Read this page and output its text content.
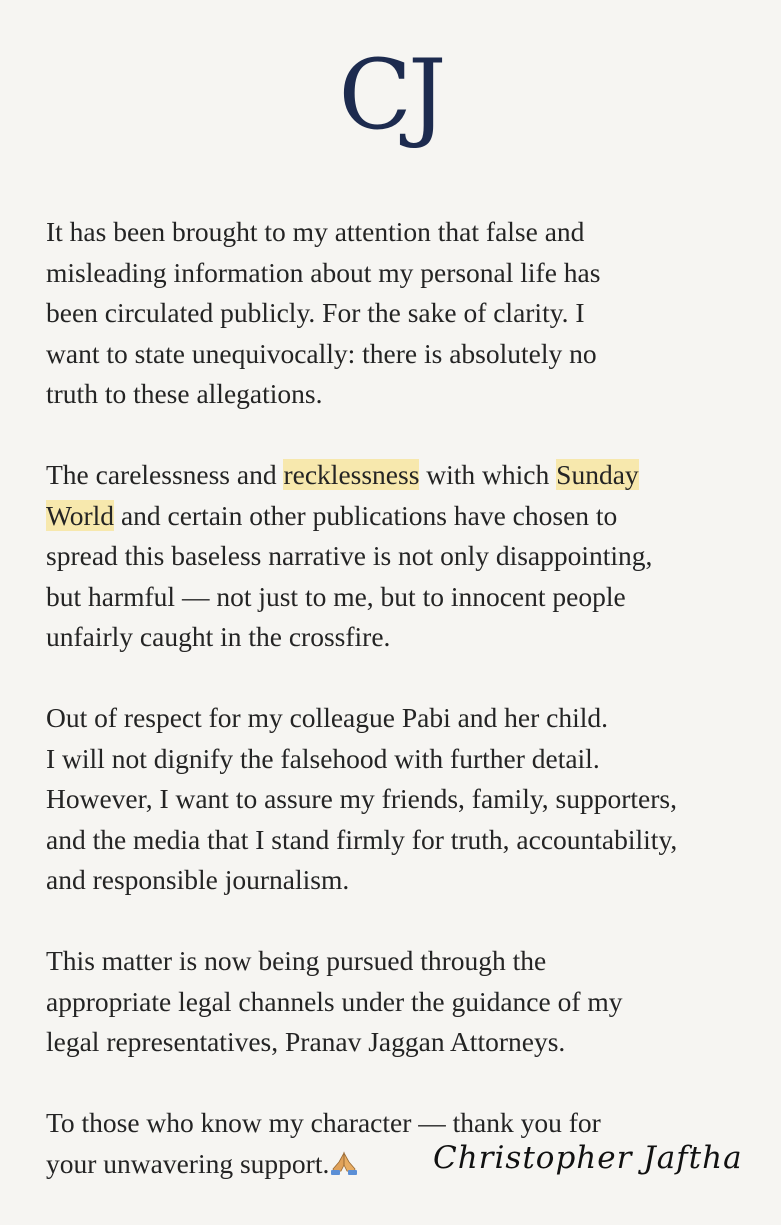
CJ

It has been brought to my attention that false and
misleading information about my personal life has
been circulated publicly. For the sake of clarity. I
want to state unequivocally: there is absolutely no
truth to these allegations.

The carelessness and recklessness with which Sunday
World and certain other publications have chosen to
spread this baseless narrative is not only disappointing,
but harmful — not just to me, but to innocent people
unfairly caught in the crossfire.

Out of respect for my colleague Pabi and her child.
I will not dignify the falsehood with further detail.
However, I want to assure my friends, family, supporters,
and the media that I stand firmly for truth, accountability,
and responsible journalism.

This matter is now being pursued through the
appropriate legal channels under the guidance of my
legal representatives, Pranav Jaggan Attorneys.

To those who know my character — thank you for
your unwavering support.	Christopher Jaftha
